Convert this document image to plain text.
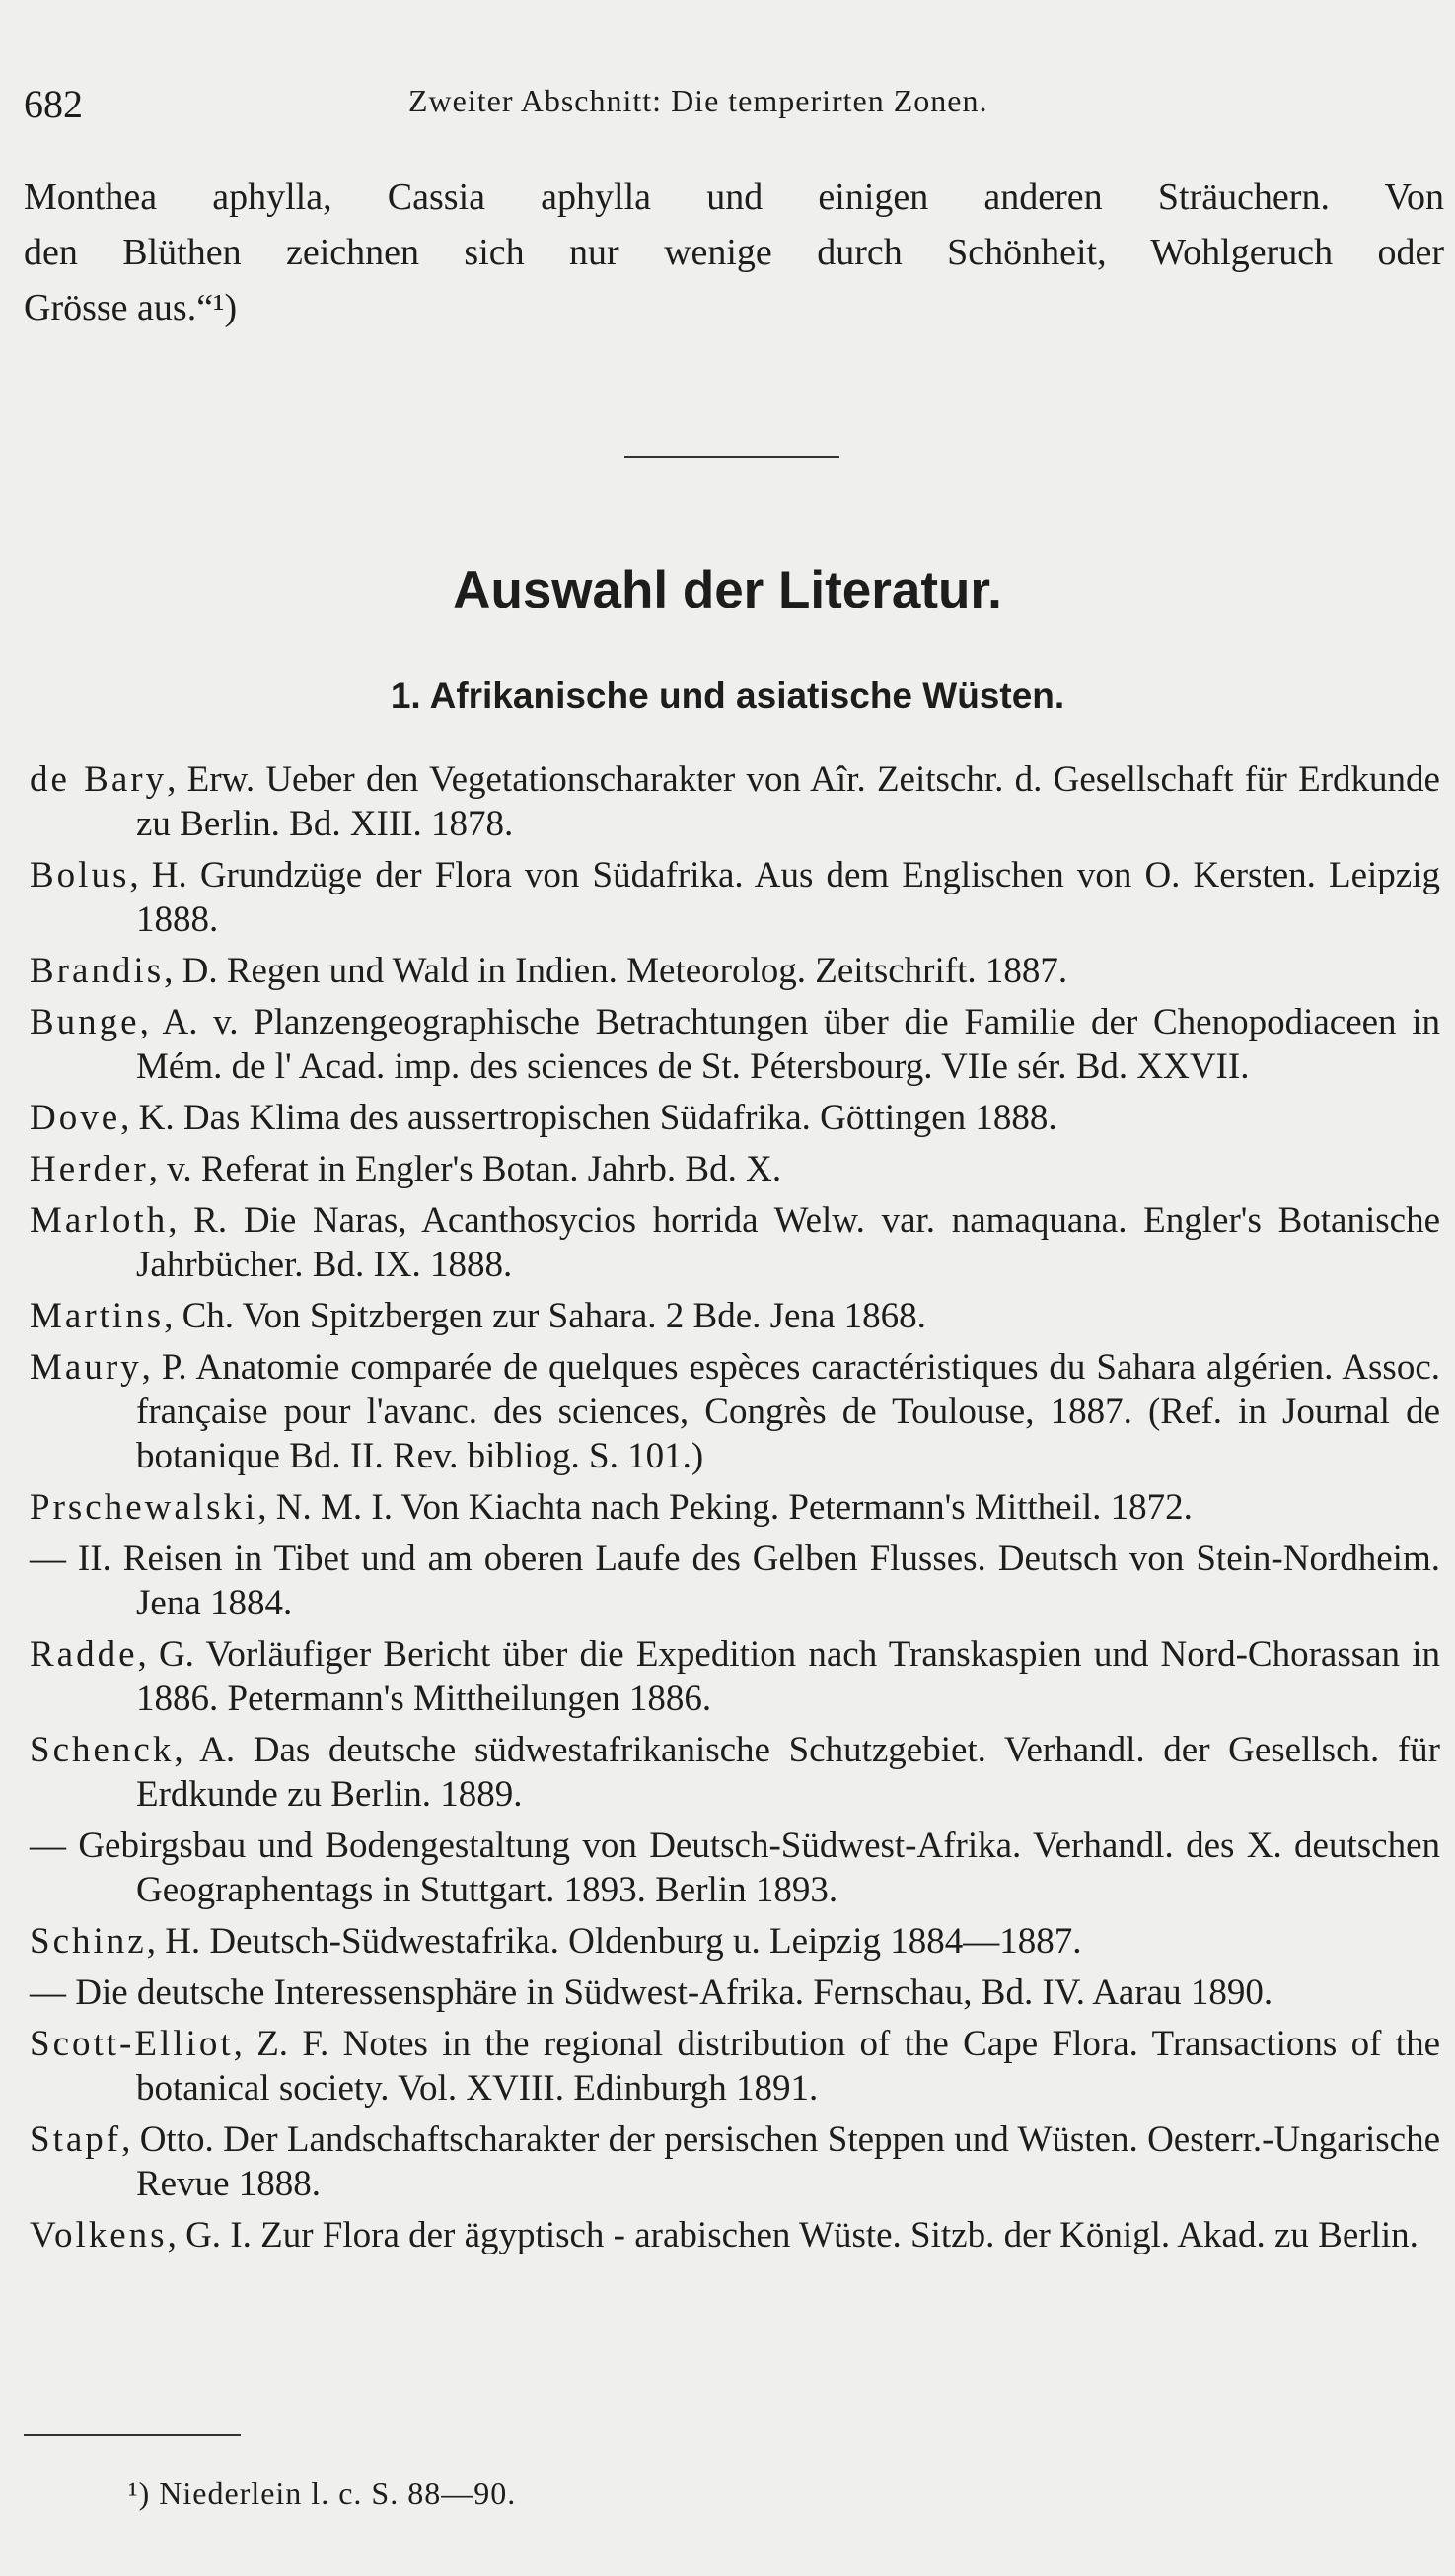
682	Zweiter Abschnitt: Die temperirten Zonen.
Monthea aphylla, Cassia aphylla und einigen anderen Sträuchern. Von
den Blüthen zeichnen sich nur wenige durch Schönheit, Wohlgeruch oder
Grösse aus.“¹)
Auswahl der Literatur.
1. Afrikanische und asiatische Wüsten.

de Bary, Erw. Ueber den Vegetationscharakter von Aîr. Zeitschr. d. Gesellschaft für Erdkunde zu Berlin. Bd. XIII. 1878.

Bolus, H. Grundzüge der Flora von Südafrika. Aus dem Englischen von O. Kersten. Leipzig 1888.

Brandis, D. Regen und Wald in Indien. Meteorolog. Zeitschrift. 1887.

Bunge, A. v. Planzengeographische Betrachtungen über die Familie der Chenopodiaceen in Mém. de l' Acad. imp. des sciences de St. Pétersbourg. VIIe sér. Bd. XXVII.

Dove, K. Das Klima des aussertropischen Südafrika. Göttingen 1888.

Herder, v. Referat in Engler's Botan. Jahrb. Bd. X.

Marloth, R. Die Naras, Acanthosycios horrida Welw. var. namaquana. Engler's Botanische Jahrbücher. Bd. IX. 1888.

Martins, Ch. Von Spitzbergen zur Sahara. 2 Bde. Jena 1868.

Maury, P. Anatomie comparée de quelques espèces caractéristiques du Sahara algérien. Assoc. française pour l'avanc. des sciences, Congrès de Toulouse, 1887. (Ref. in Journal de botanique Bd. II. Rev. bibliog. S. 101.)

Prschewalski, N. M. I. Von Kiachta nach Peking. Petermann's Mittheil. 1872.

— II. Reisen in Tibet und am oberen Laufe des Gelben Flusses. Deutsch von Stein-Nordheim. Jena 1884.

Radde, G. Vorläufiger Bericht über die Expedition nach Transkaspien und Nord-Chorassan in 1886. Petermann's Mittheilungen 1886.

Schenck, A. Das deutsche südwestafrikanische Schutzgebiet. Verhandl. der Gesellsch. für Erdkunde zu Berlin. 1889.

— Gebirgsbau und Bodengestaltung von Deutsch-Südwest-Afrika. Verhandl. des X. deutschen Geographentags in Stuttgart. 1893. Berlin 1893.

Schinz, H. Deutsch-Südwestafrika. Oldenburg u. Leipzig 1884—1887.

— Die deutsche Interessensphäre in Südwest-Afrika. Fernschau, Bd. IV. Aarau 1890.

Scott-Elliot, Z. F. Notes in the regional distribution of the Cape Flora. Transactions of the botanical society. Vol. XVIII. Edinburgh 1891.

Stapf, Otto. Der Landschaftscharakter der persischen Steppen und Wüsten. Oesterr.-Ungarische Revue 1888.

Volkens, G. I. Zur Flora der ägyptisch - arabischen Wüste. Sitzb. der Königl. Akad. zu Berlin.

¹) Niederlein l. c. S. 88—90.
